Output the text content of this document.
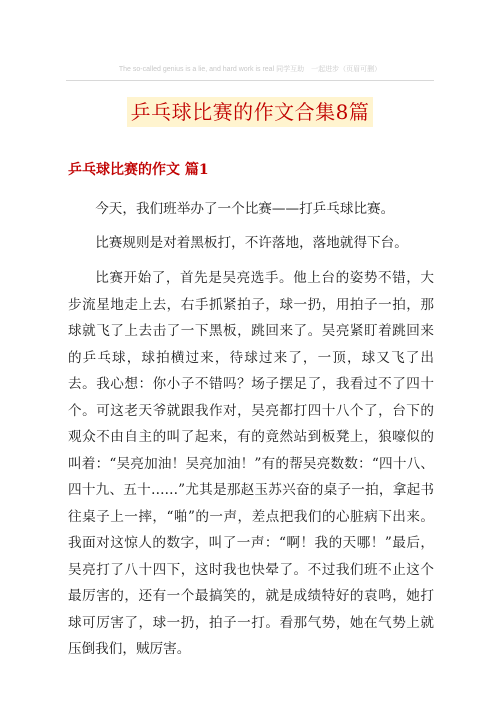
The so-called genius is a lie, and hard work is real 同学互助　一起进步（页眉可删）
乒乓球比赛的作文合集8篇
乒乓球比赛的作文 篇1
今天，我们班举办了一个比赛——打乒乓球比赛。
比赛规则是对着黑板打，不许落地，落地就得下台。
比赛开始了，首先是吴亮选手。他上台的姿势不错，大步流星地走上去，右手抓紧拍子，球一扔，用拍子一拍，那球就飞了上去击了一下黑板，跳回来了。吴亮紧盯着跳回来的乒乓球，球拍横过来，待球过来了，一顶，球又飞了出去。我心想：你小子不错吗？场子摆足了，我看过不了四十个。可这老天爷就跟我作对，吴亮都打四十八个了，台下的观众不由自主的叫了起来，有的竟然站到板凳上，狼嚎似的叫着：“吴亮加油！吴亮加油！”有的帮吴亮数数：“四十八、四十九、五十……”尤其是那赵玉苏兴奋的桌子一拍，拿起书往桌子上一摔，“啪”的一声，差点把我们的心脏病下出来。我面对这惊人的数字，叫了一声：“啊！我的天哪！”最后，吴亮打了八十四下，这时我也快晕了。不过我们班不止这个最厉害的，还有一个最搞笑的，就是成绩特好的袁鸣，她打球可厉害了，球一扔，拍子一打。看那气势，她在气势上就压倒我们，贼厉害。
